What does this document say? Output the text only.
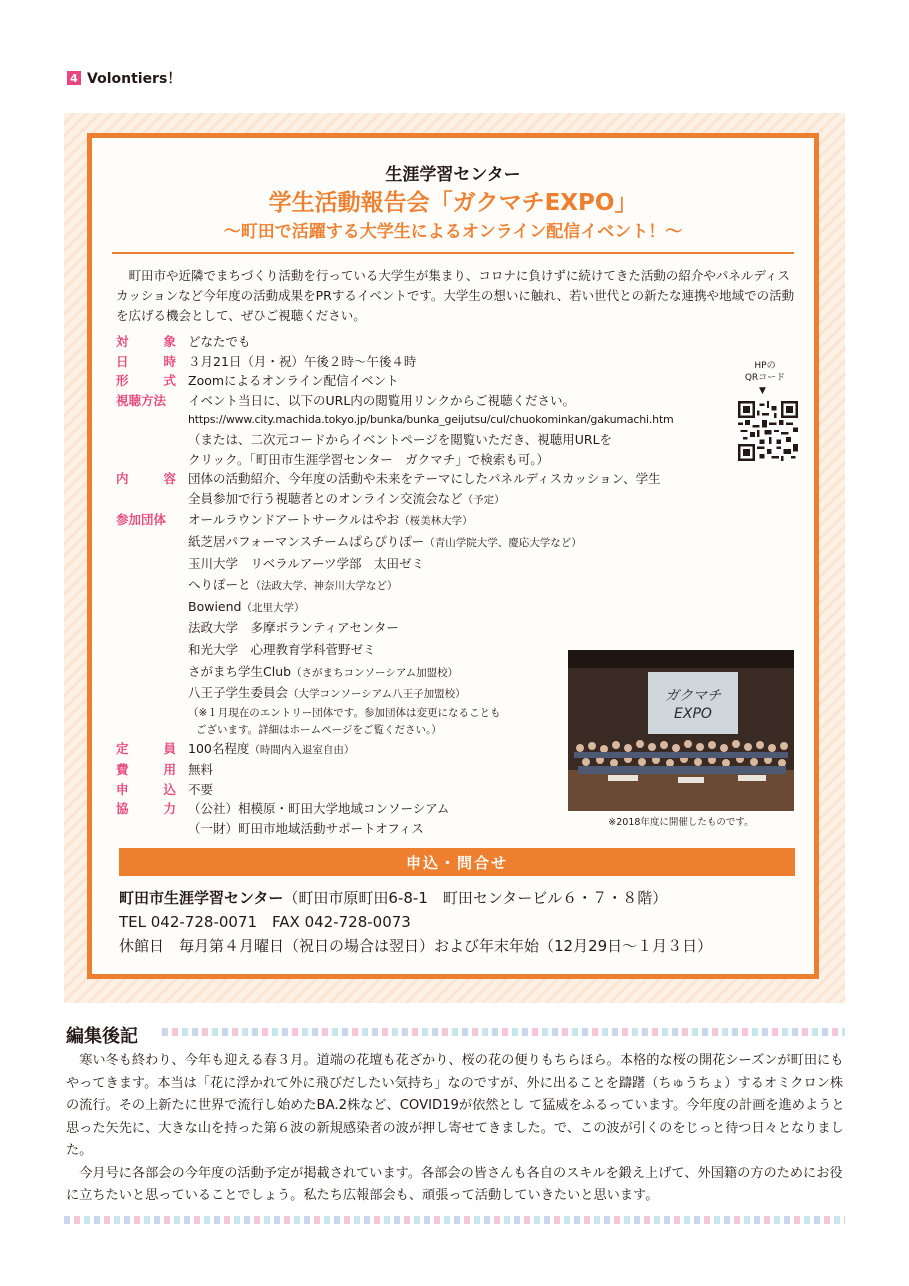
4 Volontiers！
生涯学習センター
学生活動報告会「ガクマチEXPO」
〜町田で活躍する大学生によるオンライン配信イベント！〜

町田市や近隣でまちづくり活動を行っている大学生が集まり、コロナに負けずに続けてきた活動の紹介やパネルディスカッションなど今年度の活動成果をPRするイベントです。大学生の想いに触れ、若い世代との新たな連携や地域での活動を広げる機会として、ぜひご視聴ください。

対象 どなたでも
日時 ３月21日（月・祝）午後２時〜午後４時
形式 Zoomによるオンライン配信イベント
視聴方法	イベント当日に、以下のURL内の閲覧用リンクからご視聴ください。
https://www.city.machida.tokyo.jp/bunka/bunka_geijutsu/cul/chuokominkan/gakumachi.htm
（または、二次元コードからイベントページを閲覧いただき、視聴用URLを
クリック。「町田市生涯学習センター　ガクマチ」で検索も可。）
内容 団体の活動紹介、今年度の活動や未来をテーマにしたパネルディスカッション、学生
全員参加で行う視聴者とのオンライン交流会など（予定）
参加団体	オールラウンドアートサークルはやお（桜美林大学）
紙芝居パフォーマンスチームぱらぴりぽー（青山学院大学、慶応大学など）
玉川大学　リベラルアーツ学部　太田ゼミ
へりぽーと（法政大学、神奈川大学など）
Bowiend（北里大学）
法政大学　多摩ボランティアセンター
和光大学　心理教育学科菅野ゼミ
さがまち学生Club（さがまちコンソーシアム加盟校）
八王子学生委員会（大学コンソーシアム八王子加盟校）
（※１月現在のエントリー団体です。参加団体は変更になることも
ございます。詳細はホームページをご覧ください。）
定員 100名程度（時間内入退室自由）
費用 無料
申込 不要
協力 （公社）相模原・町田大学地域コンソーシアム
（一財）町田市地域活動サポートオフィス
HPの
QRコード
▼
ガクマチ
EXPO
※2018年度に開催したものです。
申込・問合せ
町田市生涯学習センター（町田市原町田6-8-1　町田センタービル６・７・８階）
TEL 042-728-0071　FAX 042-728-0073
休館日　毎月第４月曜日（祝日の場合は翌日）および年末年始（12月29日〜１月３日）
編集後記

寒い冬も終わり、今年も迎える春３月。道端の花壇も花ざかり、桜の花の便りもちらほら。本格的な桜の開花シーズンが町田にもやってきます。本当は「花に浮かれて外に飛びだしたい気持ち」なのですが、外に出ることを躊躇（ちゅうちょ）するオミクロン株の流行。その上新たに世界で流行し始めたBA.2株など、COVID19が依然とし て猛威をふるっています。今年度の計画を進めようと思った矢先に、大きな山を持った第６波の新規感染者の波が押し寄せてきました。で、この波が引くのをじっと待つ日々となりました。

今月号に各部会の今年度の活動予定が掲載されています。各部会の皆さんも各自のスキルを鍛え上げて、外国籍の方のためにお役に立ちたいと思っていることでしょう。私たち広報部会も、頑張って活動していきたいと思います。
